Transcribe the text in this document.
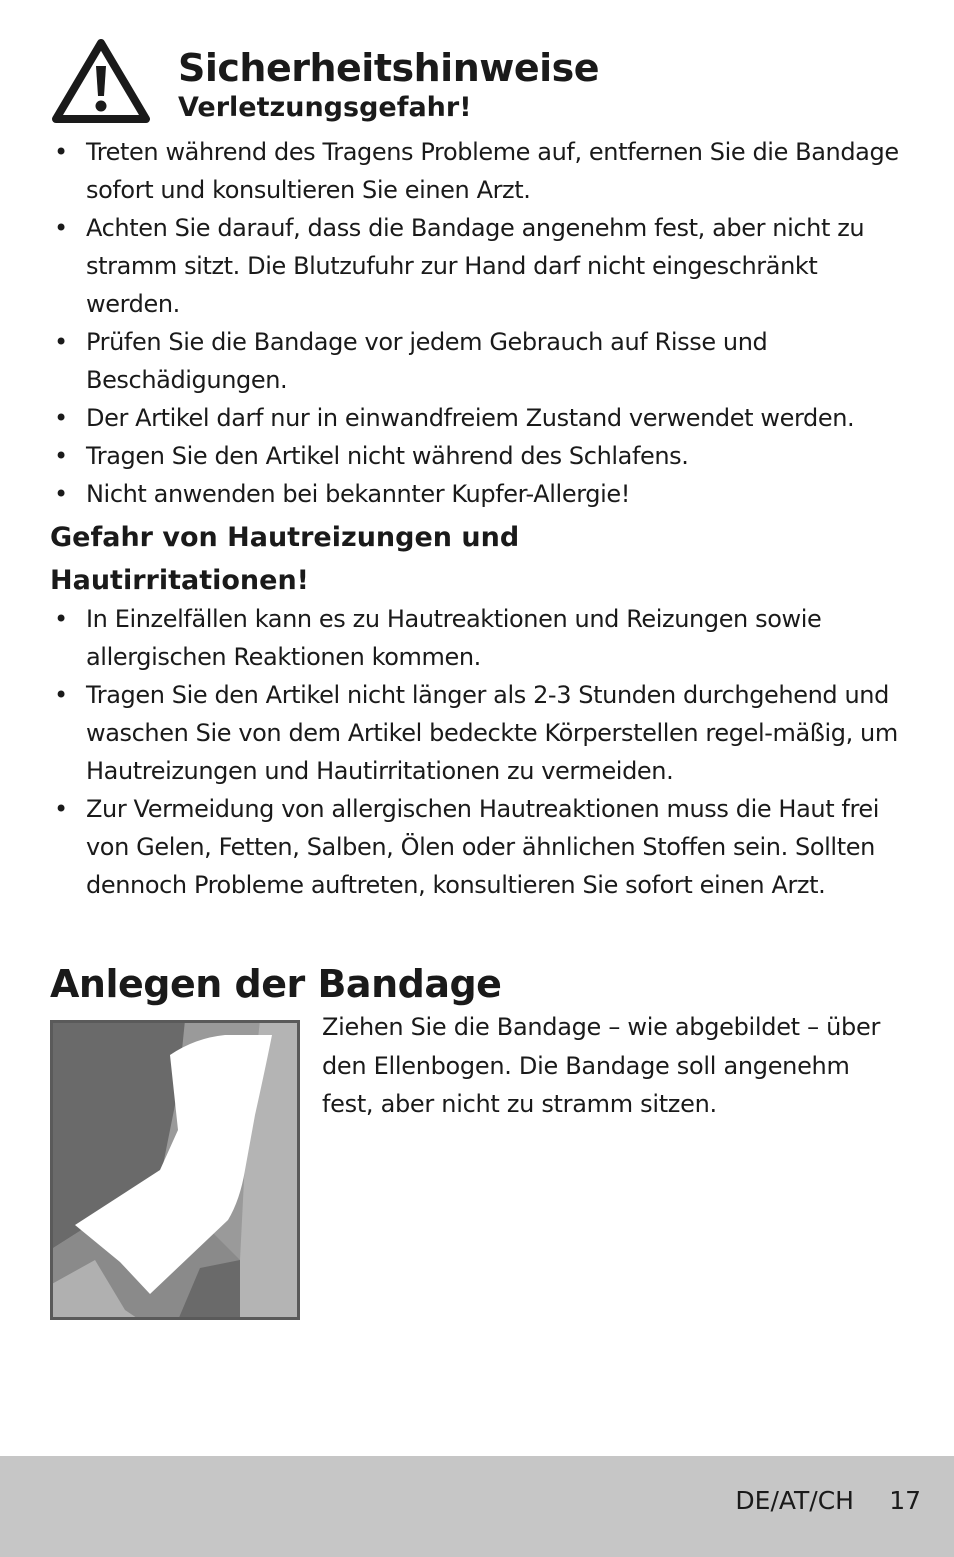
Sicherheitshinweise
Verletzungsgefahr!
• Treten während des Tragens Probleme auf, entfernen Sie die Bandage sofort und konsultieren Sie einen Arzt.
• Achten Sie darauf, dass die Bandage angenehm fest, aber nicht zu stramm sitzt. Die Blutzufuhr zur Hand darf nicht eingeschränkt werden.
• Prüfen Sie die Bandage vor jedem Gebrauch auf Risse und Beschädigungen.
• Der Artikel darf nur in einwandfreiem Zustand verwendet werden.
• Tragen Sie den Artikel nicht während des Schlafens.
• Nicht anwenden bei bekannter Kupfer-Allergie!
Gefahr von Hautreizungen und Hautirritationen!
• In Einzelfällen kann es zu Hautreaktionen und Reizungen sowie allergischen Reaktionen kommen.
• Tragen Sie den Artikel nicht länger als 2-3 Stunden durchgehend und waschen Sie von dem Artikel bedeckte Körperstellen regel-mäßig, um Hautreizungen und Hautirritationen zu vermeiden.
• Zur Vermeidung von allergischen Hautreaktionen muss die Haut frei von Gelen, Fetten, Salben, Ölen oder ähnlichen Stoffen sein. Sollten dennoch Probleme auftreten, konsultieren Sie sofort einen Arzt.
Anlegen der Bandage

Ziehen Sie die Bandage – wie abgebildet – über den Ellenbogen. Die Bandage soll angenehm fest, aber nicht zu stramm sitzen.

DE/AT/CH 17
